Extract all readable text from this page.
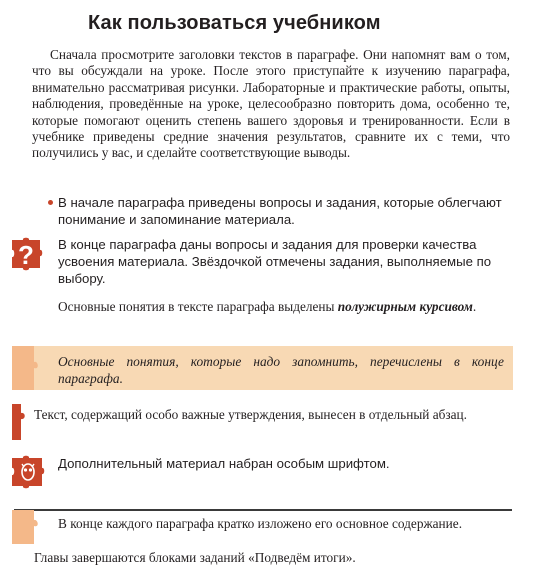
Как пользоваться учебником

Сначала просмотрите заголовки текстов в параграфе. Они напомнят вам о том, что вы обсуждали на уроке. После этого приступайте к изучению параграфа, внимательно рассматривая рисунки. Лабораторные и практические работы, опыты, наблюдения, проведённые на уроке, целесообразно повторить дома, особенно те, которые помогают оценить степень вашего здоровья и тренированности. Если в учебнике приведены средние значения результатов, сравните их с теми, что получились у вас, и сделайте соответствующие выводы.

В начале параграфа приведены вопросы и задания, которые облегчают понимание и запоминание материала.
? В конце параграфа даны вопросы и задания для проверки качества усвоения материала. Звёздочкой отмечены задания, выполняемые по выбору.
Основные понятия в тексте параграфа выделены полужирным курсивом.
Основные понятия, которые надо запомнить, перечислены в конце параграфа.
Текст, содержащий особо важные утверждения, вынесен в отдельный абзац.
Дополнительный материал набран особым шрифтом.
В конце каждого параграфа кратко изложено его основное содержание.
Главы завершаются блоками заданий «Подведём итоги».
